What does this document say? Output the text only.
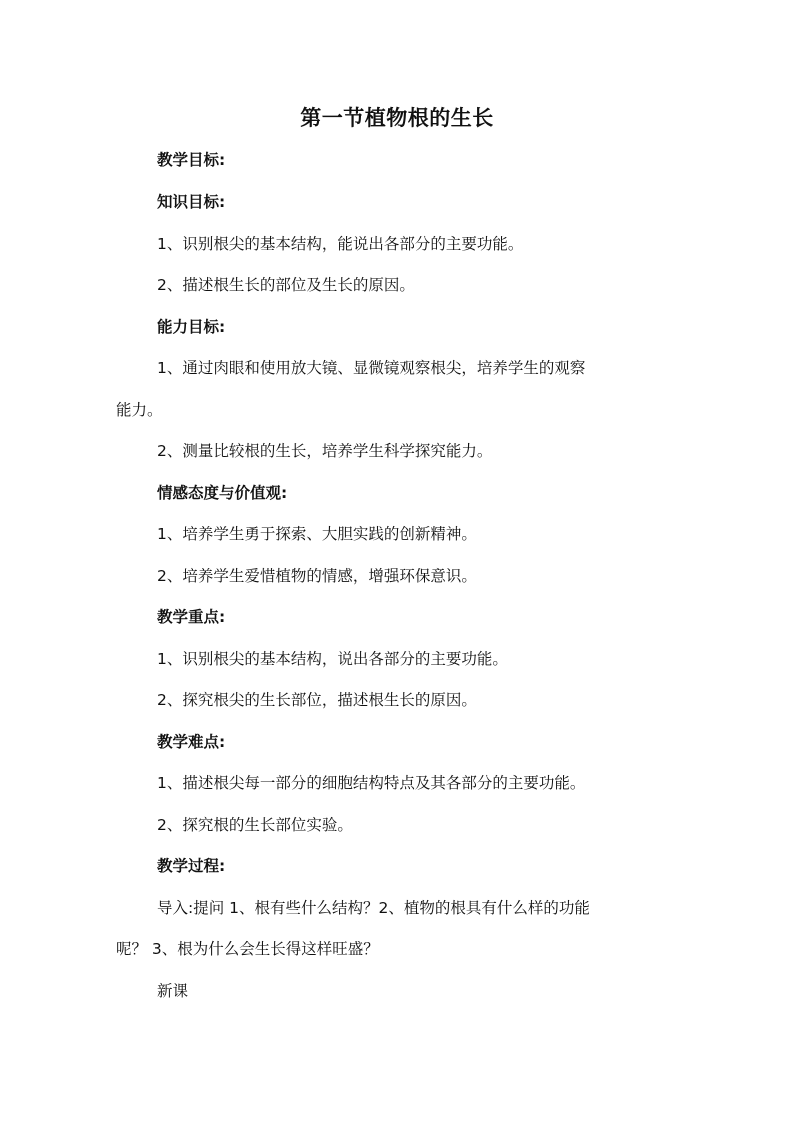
第一节植物根的生长
教学目标:
知识目标:
1、识别根尖的基本结构，能说出各部分的主要功能。
2、描述根生长的部位及生长的原因。
能力目标:
1、通过肉眼和使用放大镜、显微镜观察根尖，培养学生的观察
能力。
2、测量比较根的生长，培养学生科学探究能力。
情感态度与价值观:
1、培养学生勇于探索、大胆实践的创新精神。
2、培养学生爱惜植物的情感，增强环保意识。
教学重点:
1、识别根尖的基本结构，说出各部分的主要功能。
2、探究根尖的生长部位，描述根生长的原因。
教学难点:
1、描述根尖每一部分的细胞结构特点及其各部分的主要功能。
2、探究根的生长部位实验。
教学过程:
导入:提问 1、根有些什么结构？2、植物的根具有什么样的功能
呢？ 3、根为什么会生长得这样旺盛？
新课
